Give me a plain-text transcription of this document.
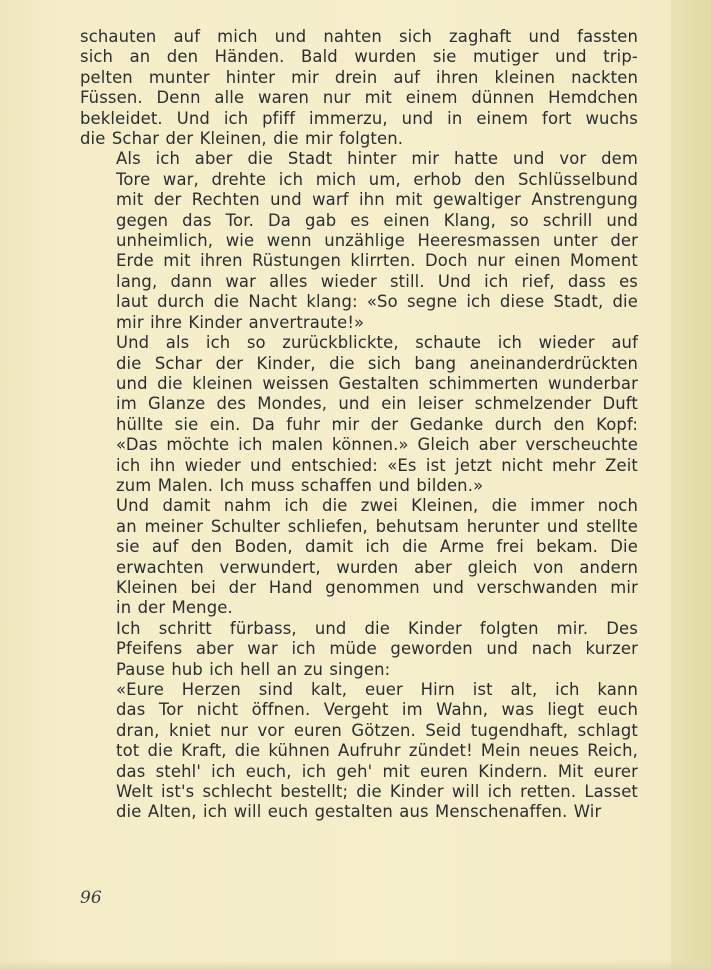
schauten auf mich und nahten sich zaghaft und fassten
sich an den Händen. Bald wurden sie mutiger und trip-
pelten munter hinter mir drein auf ihren kleinen nackten
Füssen. Denn alle waren nur mit einem dünnen Hemdchen
bekleidet. Und ich pfiff immerzu, und in einem fort wuchs
die Schar der Kleinen, die mir folgten.

Als ich aber die Stadt hinter mir hatte und vor dem
Tore war, drehte ich mich um, erhob den Schlüsselbund
mit der Rechten und warf ihn mit gewaltiger Anstrengung
gegen das Tor. Da gab es einen Klang, so schrill und
unheimlich, wie wenn unzählige Heeresmassen unter der
Erde mit ihren Rüstungen klirrten. Doch nur einen Moment
lang, dann war alles wieder still. Und ich rief, dass es
laut durch die Nacht klang: «So segne ich diese Stadt, die
mir ihre Kinder anvertraute!»

Und als ich so zurückblickte, schaute ich wieder auf
die Schar der Kinder, die sich bang aneinanderdrückten
und die kleinen weissen Gestalten schimmerten wunderbar
im Glanze des Mondes, und ein leiser schmelzender Duft
hüllte sie ein. Da fuhr mir der Gedanke durch den Kopf:
«Das möchte ich malen können.» Gleich aber verscheuchte
ich ihn wieder und entschied: «Es ist jetzt nicht mehr Zeit
zum Malen. Ich muss schaffen und bilden.»

Und damit nahm ich die zwei Kleinen, die immer noch
an meiner Schulter schliefen, behutsam herunter und stellte
sie auf den Boden, damit ich die Arme frei bekam. Die
erwachten verwundert, wurden aber gleich von andern
Kleinen bei der Hand genommen und verschwanden mir
in der Menge.

Ich schritt fürbass, und die Kinder folgten mir. Des
Pfeifens aber war ich müde geworden und nach kurzer
Pause hub ich hell an zu singen:

«Eure Herzen sind kalt, euer Hirn ist alt, ich kann
das Tor nicht öffnen. Vergeht im Wahn, was liegt euch
dran, kniet nur vor euren Götzen. Seid tugendhaft, schlagt
tot die Kraft, die kühnen Aufruhr zündet! Mein neues Reich,
das stehl' ich euch, ich geh' mit euren Kindern. Mit eurer
Welt ist's schlecht bestellt; die Kinder will ich retten. Lasset
die Alten, ich will euch gestalten aus Menschenaffen. Wir

96
